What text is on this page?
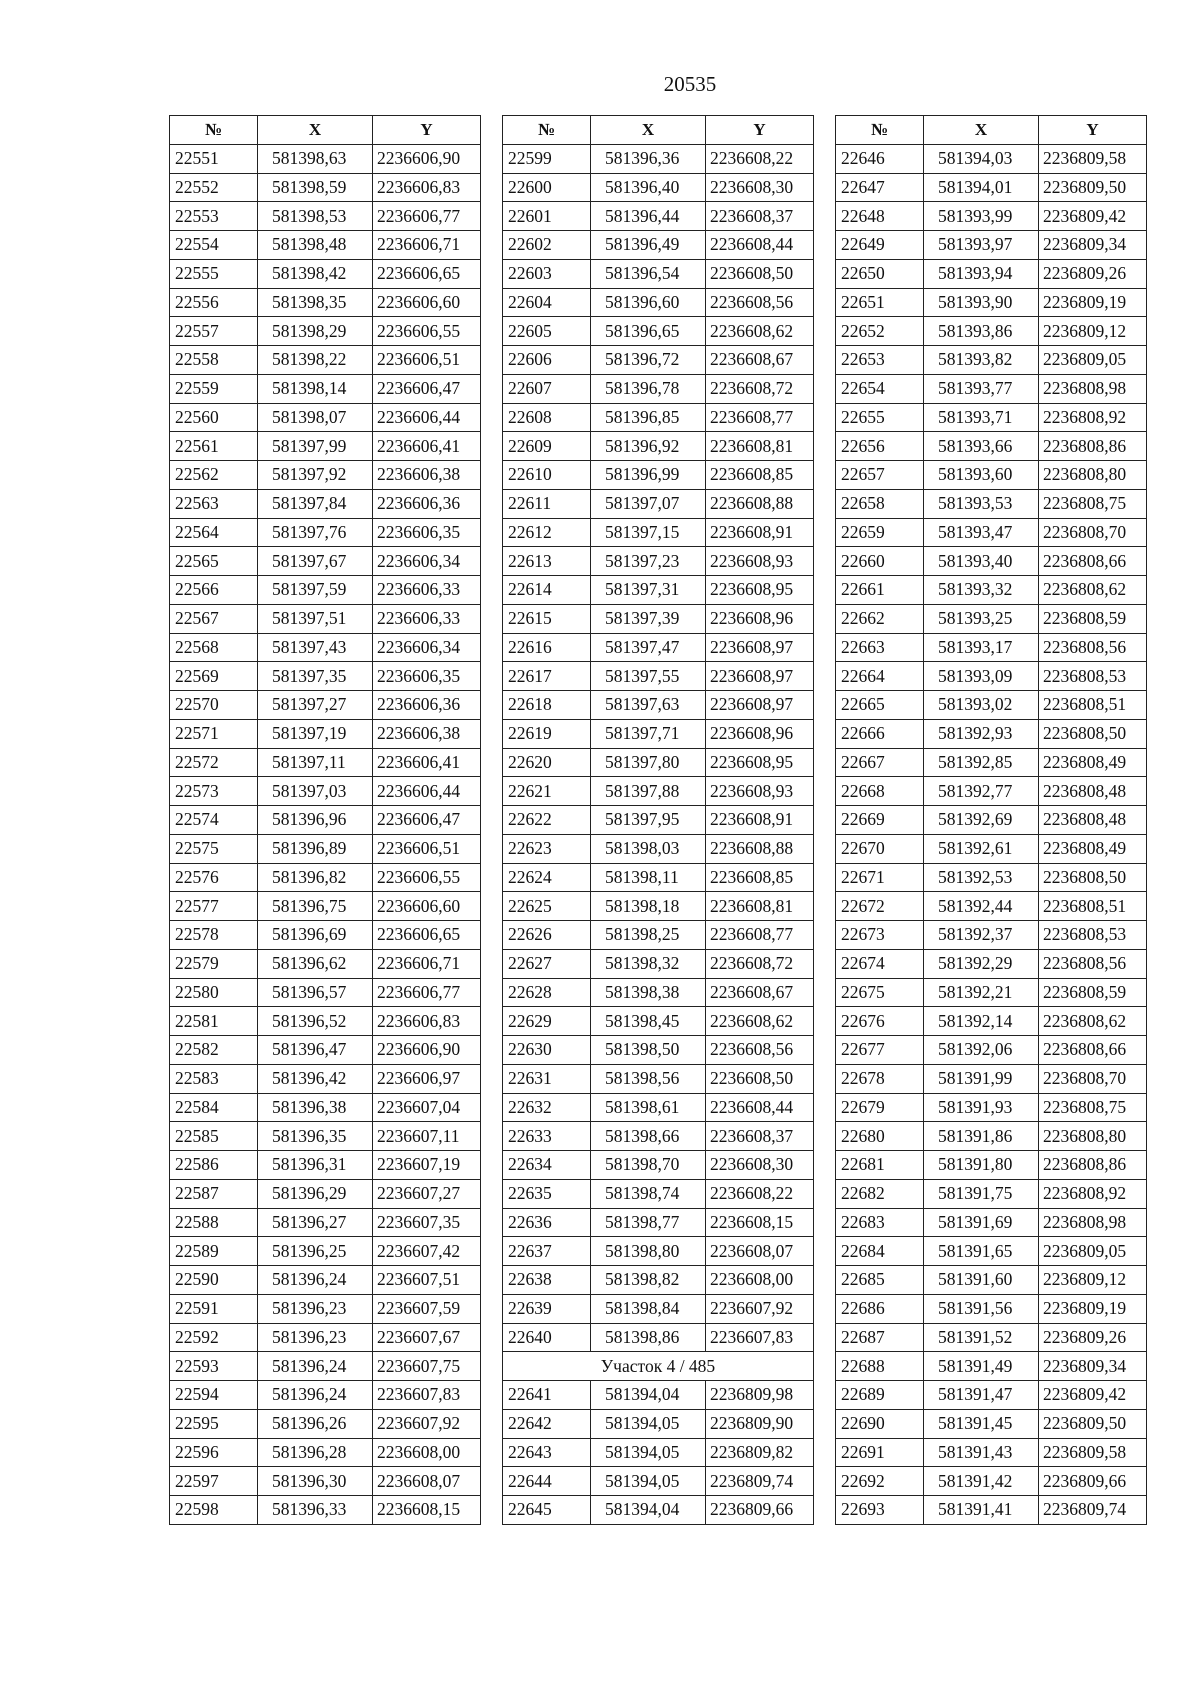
20535
№	X	Y
22551	581398,63	2236606,90
22552	581398,59	2236606,83
22553	581398,53	2236606,77
22554	581398,48	2236606,71
22555	581398,42	2236606,65
22556	581398,35	2236606,60
22557	581398,29	2236606,55
22558	581398,22	2236606,51
22559	581398,14	2236606,47
22560	581398,07	2236606,44
22561	581397,99	2236606,41
22562	581397,92	2236606,38
22563	581397,84	2236606,36
22564	581397,76	2236606,35
22565	581397,67	2236606,34
22566	581397,59	2236606,33
22567	581397,51	2236606,33
22568	581397,43	2236606,34
22569	581397,35	2236606,35
22570	581397,27	2236606,36
22571	581397,19	2236606,38
22572	581397,11	2236606,41
22573	581397,03	2236606,44
22574	581396,96	2236606,47
22575	581396,89	2236606,51
22576	581396,82	2236606,55
22577	581396,75	2236606,60
22578	581396,69	2236606,65
22579	581396,62	2236606,71
22580	581396,57	2236606,77
22581	581396,52	2236606,83
22582	581396,47	2236606,90
22583	581396,42	2236606,97
22584	581396,38	2236607,04
22585	581396,35	2236607,11
22586	581396,31	2236607,19
22587	581396,29	2236607,27
22588	581396,27	2236607,35
22589	581396,25	2236607,42
22590	581396,24	2236607,51
22591	581396,23	2236607,59
22592	581396,23	2236607,67
22593	581396,24	2236607,75
22594	581396,24	2236607,83
22595	581396,26	2236607,92
22596	581396,28	2236608,00
22597	581396,30	2236608,07
22598	581396,33	2236608,15
№	X	Y
22599	581396,36	2236608,22
22600	581396,40	2236608,30
22601	581396,44	2236608,37
22602	581396,49	2236608,44
22603	581396,54	2236608,50
22604	581396,60	2236608,56
22605	581396,65	2236608,62
22606	581396,72	2236608,67
22607	581396,78	2236608,72
22608	581396,85	2236608,77
22609	581396,92	2236608,81
22610	581396,99	2236608,85
22611	581397,07	2236608,88
22612	581397,15	2236608,91
22613	581397,23	2236608,93
22614	581397,31	2236608,95
22615	581397,39	2236608,96
22616	581397,47	2236608,97
22617	581397,55	2236608,97
22618	581397,63	2236608,97
22619	581397,71	2236608,96
22620	581397,80	2236608,95
22621	581397,88	2236608,93
22622	581397,95	2236608,91
22623	581398,03	2236608,88
22624	581398,11	2236608,85
22625	581398,18	2236608,81
22626	581398,25	2236608,77
22627	581398,32	2236608,72
22628	581398,38	2236608,67
22629	581398,45	2236608,62
22630	581398,50	2236608,56
22631	581398,56	2236608,50
22632	581398,61	2236608,44
22633	581398,66	2236608,37
22634	581398,70	2236608,30
22635	581398,74	2236608,22
22636	581398,77	2236608,15
22637	581398,80	2236608,07
22638	581398,82	2236608,00
22639	581398,84	2236607,92
22640	581398,86	2236607,83
Участок 4 / 485		
22641	581394,04	2236809,98
22642	581394,05	2236809,90
22643	581394,05	2236809,82
22644	581394,05	2236809,74
22645	581394,04	2236809,66
№	X	Y
22646	581394,03	2236809,58
22647	581394,01	2236809,50
22648	581393,99	2236809,42
22649	581393,97	2236809,34
22650	581393,94	2236809,26
22651	581393,90	2236809,19
22652	581393,86	2236809,12
22653	581393,82	2236809,05
22654	581393,77	2236808,98
22655	581393,71	2236808,92
22656	581393,66	2236808,86
22657	581393,60	2236808,80
22658	581393,53	2236808,75
22659	581393,47	2236808,70
22660	581393,40	2236808,66
22661	581393,32	2236808,62
22662	581393,25	2236808,59
22663	581393,17	2236808,56
22664	581393,09	2236808,53
22665	581393,02	2236808,51
22666	581392,93	2236808,50
22667	581392,85	2236808,49
22668	581392,77	2236808,48
22669	581392,69	2236808,48
22670	581392,61	2236808,49
22671	581392,53	2236808,50
22672	581392,44	2236808,51
22673	581392,37	2236808,53
22674	581392,29	2236808,56
22675	581392,21	2236808,59
22676	581392,14	2236808,62
22677	581392,06	2236808,66
22678	581391,99	2236808,70
22679	581391,93	2236808,75
22680	581391,86	2236808,80
22681	581391,80	2236808,86
22682	581391,75	2236808,92
22683	581391,69	2236808,98
22684	581391,65	2236809,05
22685	581391,60	2236809,12
22686	581391,56	2236809,19
22687	581391,52	2236809,26
22688	581391,49	2236809,34
22689	581391,47	2236809,42
22690	581391,45	2236809,50
22691	581391,43	2236809,58
22692	581391,42	2236809,66
22693	581391,41	2236809,74
